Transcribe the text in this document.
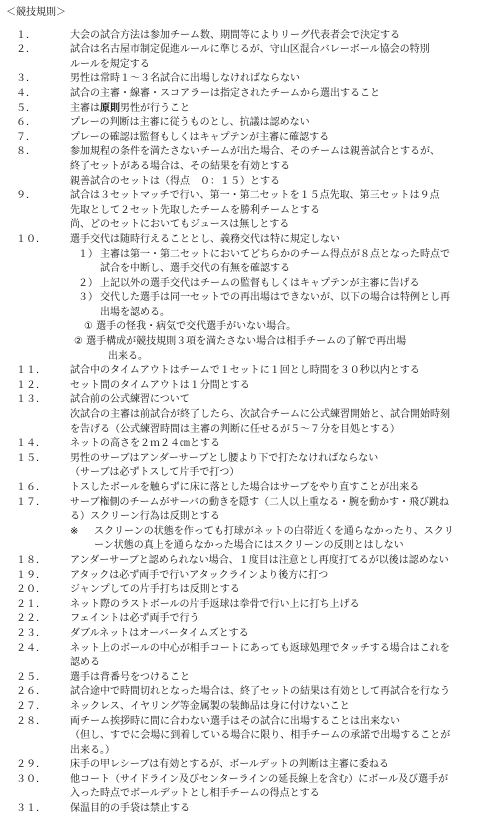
＜競技規則＞
１．	大会の試合方法は参加チーム数、期間等によりリーグ代表者会で決定する
２．	試合は名古屋市制定促進ルールに準じるが、守山区混合バレーボール協会の特別
ルールを規定する
３．	男性は常時１～３名試合に出場しなければならない
４．	試合の主審・線審・スコアラーは指定されたチームから選出すること
５．	主審は原則男性が行うこと
６．	プレーの判断は主審に従うものとし、抗議は認めない
７．	プレーの確認は監督もしくはキャプテンが主審に確認する
８．	参加規程の条件を満たさないチームが出た場合、そのチームは親善試合とするが、
終了セットがある場合は、その結果を有効とする
親善試合のセットは（得点　０：１５）とする
９．	試合は３セットマッチで行い、第一・第二セットを１５点先取、第三セットは９点
先取として２セット先取したチームを勝利チームとする
尚、どのセットにおいてもジュースは無しとする
１０．	選手交代は随時行えることとし、義務交代は特に規定しない
１） 主審は第一・第二セットにおいてどちらかのチーム得点が８点となった時点で
試合を中断し、選手交代の有無を確認する
２） 上記以外の選手交代はチームの監督もしくはキャプテンが主審に告げる
３） 交代した選手は同一セットでの再出場はできないが、以下の場合は特例とし再
出場を認める。
① 選手の怪我・病気で交代選手がいない場合。
② 選手構成が競技規則３項を満たさない場合は相手チームの了解で再出場
出来る。
１１．	試合中のタイムアウトはチームで１セットに１回とし時間を３０秒以内とする
１２．	セット間のタイムアウトは１分間とする
１３．	試合前の公式練習について
次試合の主審は前試合が終了したら、次試合チームに公式練習開始と、試合開始時刻
を告げる（公式練習時間は主審の判断に任せるが５～７分を目処とする）
１４．	ネットの高さを２ｍ２４㎝とする
１５．	男性のサーブはアンダーサーブとし腰より下で打たなければならない
（サーブは必ずトスして片手で打つ）
１６．	トスしたボールを触らずに床に落とした場合はサーブをやり直すことが出来る
１７．	サーブ権側のチームがサーバの動きを隠す（二人以上重なる・腕を動かす・飛び跳ね
る）スクリーン行為は反則とする
※	スクリーンの状態を作っても打球がネットの白帯近くを通らなかったり、スクリ
ーン状態の真上を通らなかった場合にはスクリーンの反則とはしない
１８．	アンダーサーブと認められない場合、１度目は注意とし再度打てるが以後は認めない
１９．	アタックは必ず両手で行いアタックラインより後方に打つ
２０．	ジャンプしての片手打ちは反則とする
２１．	ネット際のラストボールの片手返球は拳骨で行い上に打ち上げる
２２．	フェイントは必ず両手で行う
２３．	ダブルネットはオーバータイムズとする
２４．	ネット上のボールの中心が相手コートにあっても返球処理でタッチする場合はこれを
認める
２５．	選手は背番号をつけること
２６．	試合途中で時間切れとなった場合は、終了セットの結果は有効として再試合を行なう
２７．	ネックレス、イヤリング等金属製の装飾品は身に付けないこと
２８．	両チーム挨拶時に間に合わない選手はその試合に出場することは出来ない
（但し、すでに会場に到着している場合に限り、相手チームの承諾で出場することが
出来る。）
２９．	床手の甲レシーブは有効とするが、ボールデットの判断は主審に委ねる
３０．	他コート（サイドライン及びセンターラインの延長線上を含む）にボール及び選手が
入った時点でボールデットとし相手チームの得点とする
３１．	保温目的の手袋は禁止する
